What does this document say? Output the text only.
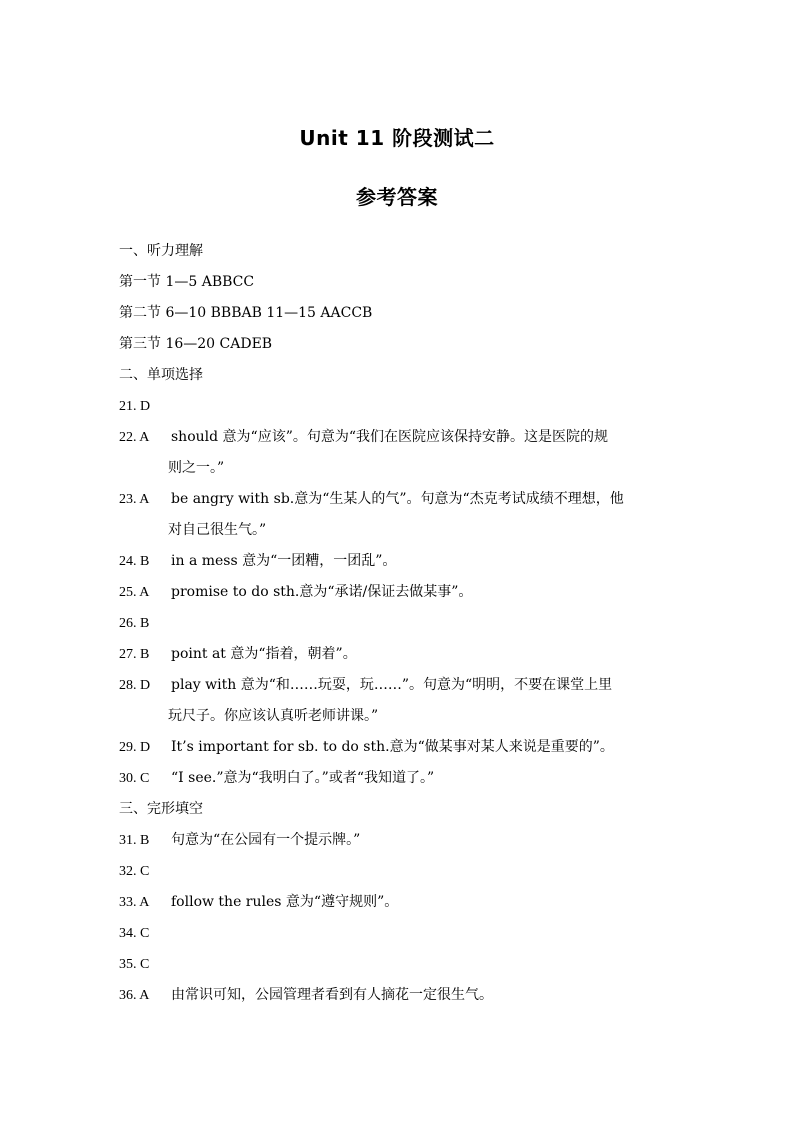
Unit 11 阶段测试二
参考答案
一、听力理解
第一节 1—5 ABBCC
第二节 6—10 BBBAB 11—15 AACCB
第三节 16—20 CADEB
二、单项选择
21. D
22. A	should 意为“应该”。句意为“我们在医院应该保持安静。这是医院的规
则之一。”
23. A	be angry with sb.意为“生某人的气”。句意为“杰克考试成绩不理想，他
对自己很生气。”
24. B	in a mess 意为“一团糟，一团乱”。
25. A	promise to do sth.意为“承诺/保证去做某事”。
26. B
27. B	point at 意为“指着，朝着”。
28. D	play with 意为“和……玩耍，玩……”。句意为“明明，不要在课堂上里
玩尺子。你应该认真听老师讲课。”
29. D	It’s important for sb. to do sth.意为“做某事对某人来说是重要的”。
30. C	“I see.”意为“我明白了。”或者“我知道了。”
三、完形填空
31. B	句意为“在公园有一个提示牌。”
32. C
33. A	follow the rules 意为“遵守规则”。
34. C
35. C
36. A	由常识可知，公园管理者看到有人摘花一定很生气。
